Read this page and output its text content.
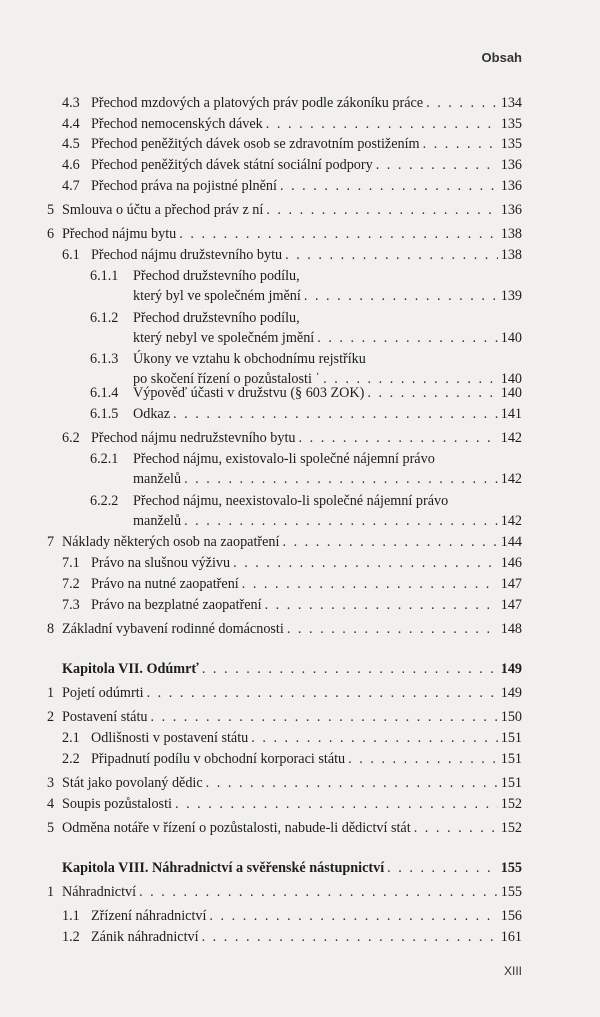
Obsah
4.3 Přechod mzdových a platových práv podle zákoníku práce . . .	134
4.4 Přechod nemocenských dávek . . .	135
4.5 Přechod peněžitých dávek osob se zdravotním postižením . . .	135
4.6 Přechod peněžitých dávek státní sociální podpory . . .	136
4.7 Přechod práva na pojistné plnění . . .	136
5 Smlouva o účtu a přechod práv z ní . . .	136
6 Přechod nájmu bytu . . .	138
6.1 Přechod nájmu družstevního bytu . . .	138
6.1.1 Přechod družstevního podílu,
který byl ve společném jmění . . .	139
6.1.2 Přechod družstevního podílu,
který nebyl ve společném jmění . . .	140
6.1.3 Úkony ve vztahu k obchodnímu rejstříku
po skočení řízení o pozůstalosti ˈ . . .	140
6.1.4 Výpověď účasti v družstvu (§ 603 ZOK) . . .	140
6.1.5 Odkaz . . .	141
6.2 Přechod nájmu nedružstevního bytu . . .	142
6.2.1 Přechod nájmu, existovalo-li společné nájemní právo
manželů . . .	142
6.2.2 Přechod nájmu, neexistovalo-li společné nájemní právo
manželů . . .	142
7 Náklady některých osob na zaopatření . . .	144
7.1 Právo na slušnou výživu . . .	146
7.2 Právo na nutné zaopatření . . .	147
7.3 Právo na bezplatné zaopatření . . .	147
8 Základní vybavení rodinné domácnosti . . .	148
Kapitola VII. Odúmrť . . .	149
1 Pojetí odúmrti . . .	149
2 Postavení státu . . .	150
2.1 Odlišnosti v postavení státu . . .	151
2.2 Připadnutí podílu v obchodní korporaci státu . . .	151
3 Stát jako povolaný dědic . . .	151
4 Soupis pozůstalosti . . .	152
5 Odměna notáře v řízení o pozůstalosti, nabude-li dědictví stát . . .	152
Kapitola VIII. Náhradnictví a svěřenské nástupnictví . . .	155
1 Náhradnictví . . .	155
1.1 Zřízení náhradnictví . . .	156
1.2 Zánik náhradnictví . . .	161
XIII
